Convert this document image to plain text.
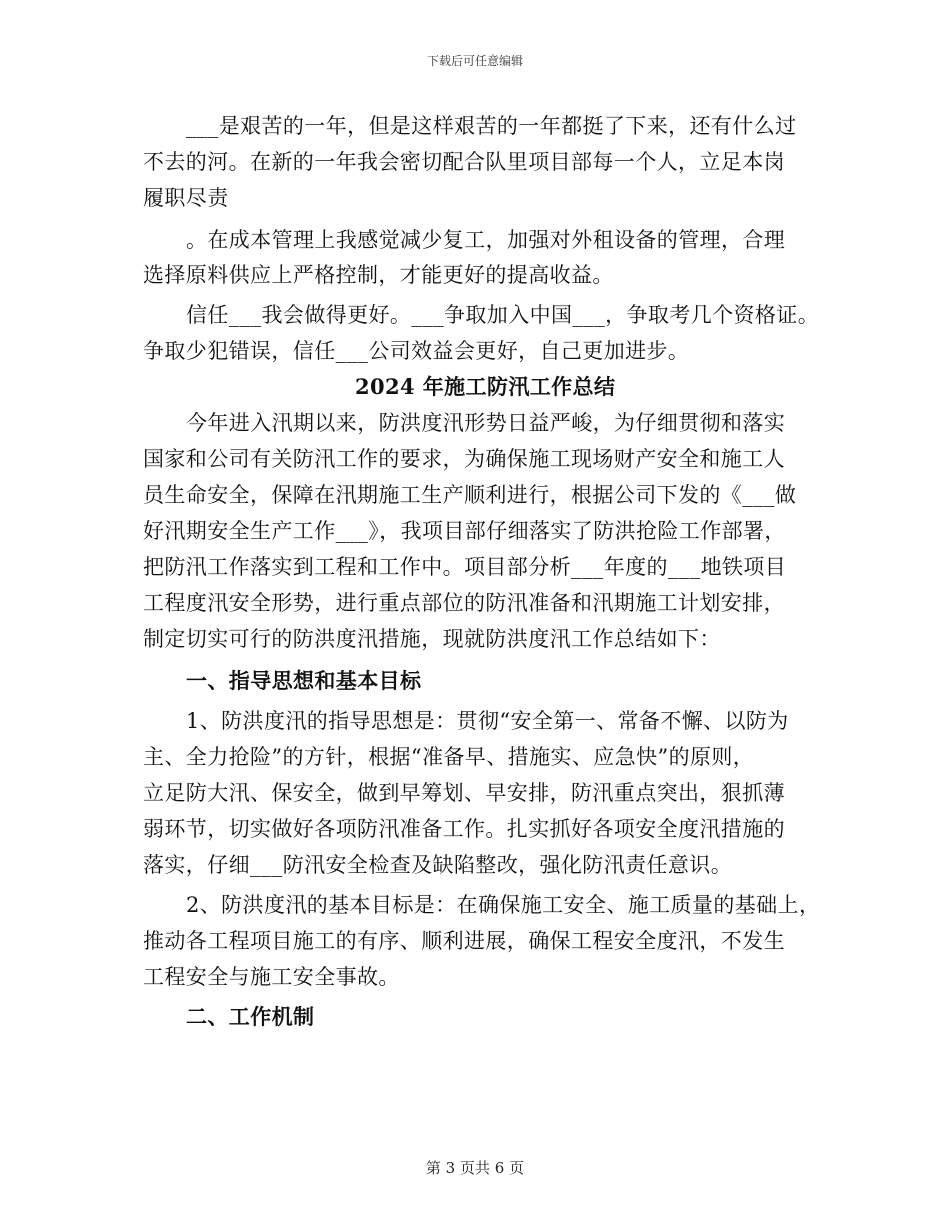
下载后可任意编辑
___是艰苦的一年，但是这样艰苦的一年都挺了下来，还有什么过
不去的河。在新的一年我会密切配合队里项目部每一个人，立足本岗
履职尽责
。在成本管理上我感觉减少复工，加强对外租设备的管理，合理
选择原料供应上严格控制，才能更好的提高收益。
信任___我会做得更好。___争取加入中国___，争取考几个资格证。
争取少犯错误，信任___公司效益会更好，自己更加进步。
2024 年施工防汛工作总结
今年进入汛期以来，防洪度汛形势日益严峻，为仔细贯彻和落实
国家和公司有关防汛工作的要求，为确保施工现场财产安全和施工人
员生命安全，保障在汛期施工生产顺利进行，根据公司下发的《___做
好汛期安全生产工作___》，我项目部仔细落实了防洪抢险工作部署，
把防汛工作落实到工程和工作中。项目部分析___年度的___地铁项目
工程度汛安全形势，进行重点部位的防汛准备和汛期施工计划安排，
制定切实可行的防洪度汛措施，现就防洪度汛工作总结如下：
一、指导思想和基本目标
1、防洪度汛的指导思想是：贯彻“安全第一、常备不懈、以防为
主、全力抢险”的方针，根据“准备早、措施实、应急快”的原则，
立足防大汛、保安全，做到早筹划、早安排，防汛重点突出，狠抓薄
弱环节，切实做好各项防汛准备工作。扎实抓好各项安全度汛措施的
落实，仔细___防汛安全检查及缺陷整改，强化防汛责任意识。
2、防洪度汛的基本目标是：在确保施工安全、施工质量的基础上，
推动各工程项目施工的有序、顺利进展，确保工程安全度汛，不发生
工程安全与施工安全事故。
二、工作机制
第 3 页共 6 页
